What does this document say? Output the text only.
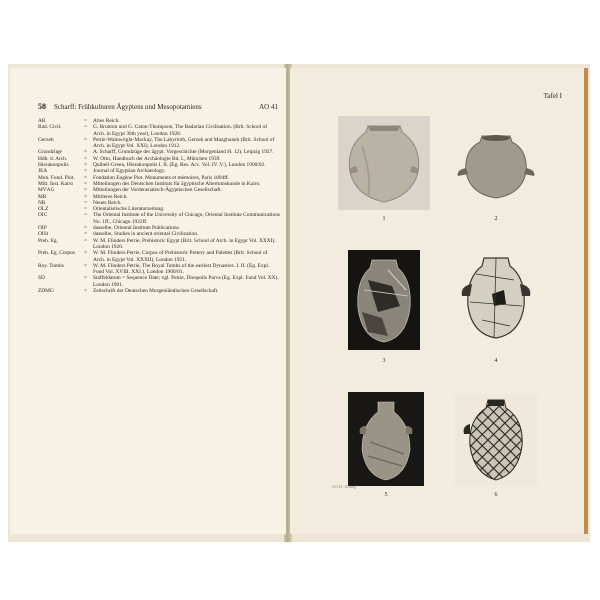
58 Scharff: Frühkulturen Ägyptens und Mesopotamiens	AO 41
AR	=	Altes Reich.
Bad. Civil.	=	G. Brunton und G. Caton-Thompson, The Badarian Civilisation. (Brit. School of Arch. in Egypt 30th year), London 1928.
Gerzeh	=	Petrie-Wainwright-Mackay, The Labyrinth, Gerzeh and Mazghuneh (Brit. School of Arch. in Egypt Vol. XXI), London 1912.
Grundzüge	=	A. Scharff, Grundzüge der ägypt. Vorgeschichte (Morgenland H. 12), Leipzig 1927.
Hdb. d. Arch.	=	W. Otto, Handbuch der Archäologie Bd. I., München 1939.
Hierakonpolis	=	Quibell-Green, Hierakonpolis I. II. (Eg. Res. Acc. Vol. IV. V.), London 1900/02.
JEA	=	Journal of Egyptian Archaeology.
Mon. Fond. Piot.	=	Fondation Eugène Piot. Monuments et mémoires, Paris 1894ff.
Mitt. Inst. Kairo	=	Mitteilungen des Deutschen Instituts für ägyptische Altertumskunde in Kairo.
MVÄG	=	Mitteilungen der Vorderasiatisch-Ägyptischen Gesellschaft.
MR	=	Mittleres Reich.
NR	=	Neues Reich.
OLZ	=	Orientalistische Literaturzeitung.
OIC	=	The Oriental Institute of the University of Chicago, Oriental Institute Communications No. 1ff., Chicago 1922ff.
OIP	=	dasselbe, Oriental Institute Publications.
OISt	=	dasselbe, Studies in ancient oriental Civilization.
Preh. Eg.	=	W. M. Flinders Petrie, Prehistoric Egypt (Brit. School of Arch. in Egypt Vol. XXXI), London 1920.
Preh. Eg. Corpus	=	W. M. Flinders Petrie, Corpus of Prehistoric Pottery and Palettes (Brit. School of Arch. in Egypt Vol. XXXII), London 1921.
Roy. Tombs	=	W. M. Flinders Petrie, The Royal Tombs of the earliest Dynasties. I. II. (Eg. Expl. Fund Vol. XVIII. XXI.), London 1900/01.
SD	=	Staffeldatum = Sequence Date; vgl. Petrie, Diospolis Parva (Eg. Expl. Fund Vol. XX), London 1901.
ZDMG	=	Zeitschrift der Deutschen Morgenländischen Gesellschaft.
Tafel I
1	2
3	4
5	6
AO 41: Scharff
